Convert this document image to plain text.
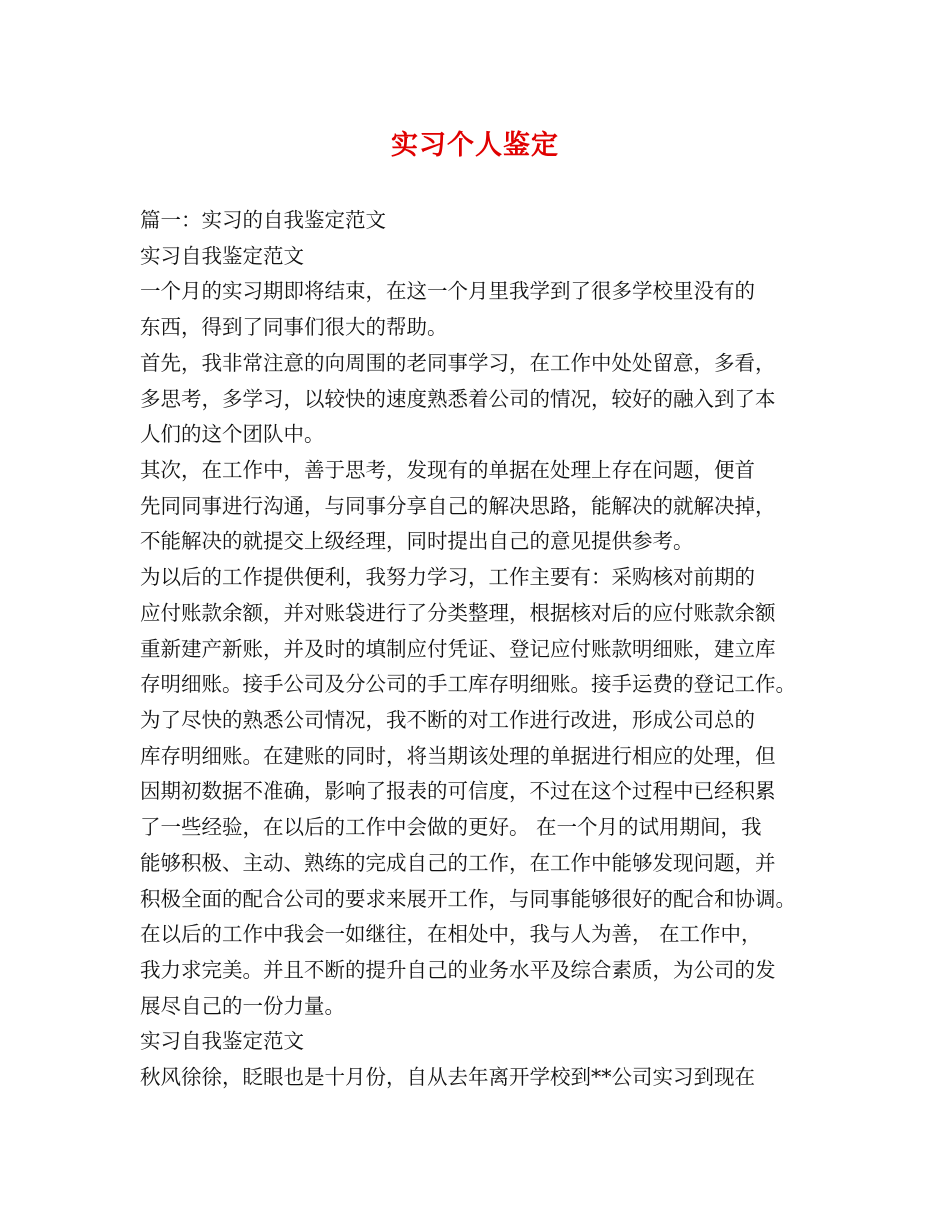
实习个人鉴定
篇一：实习的自我鉴定范文
实习自我鉴定范文
一个月的实习期即将结束，在这一个月里我学到了很多学校里没有的
东西，得到了同事们很大的帮助。
首先，我非常注意的向周围的老同事学习，在工作中处处留意，多看，
多思考，多学习，以较快的速度熟悉着公司的情况，较好的融入到了本
人们的这个团队中。
其次，在工作中，善于思考，发现有的单据在处理上存在问题，便首
先同同事进行沟通，与同事分享自己的解决思路，能解决的就解决掉，
不能解决的就提交上级经理，同时提出自己的意见提供参考。
为以后的工作提供便利，我努力学习，工作主要有：采购核对前期的
应付账款余额，并对账袋进行了分类整理，根据核对后的应付账款余额
重新建产新账，并及时的填制应付凭证、登记应付账款明细账，建立库
存明细账。接手公司及分公司的手工库存明细账。接手运费的登记工作。
为了尽快的熟悉公司情况，我不断的对工作进行改进，形成公司总的
库存明细账。在建账的同时，将当期该处理的单据进行相应的处理，但
因期初数据不准确，影响了报表的可信度，不过在这个过程中已经积累
了一些经验，在以后的工作中会做的更好。 在一个月的试用期间，我
能够积极、主动、熟练的完成自己的工作，在工作中能够发现问题，并
积极全面的配合公司的要求来展开工作，与同事能够很好的配合和协调。
在以后的工作中我会一如继往，在相处中，我与人为善， 在工作中，
我力求完美。并且不断的提升自己的业务水平及综合素质，为公司的发
展尽自己的一份力量。
实习自我鉴定范文
秋风徐徐，眨眼也是十月份，自从去年离开学校到**公司实习到现在
